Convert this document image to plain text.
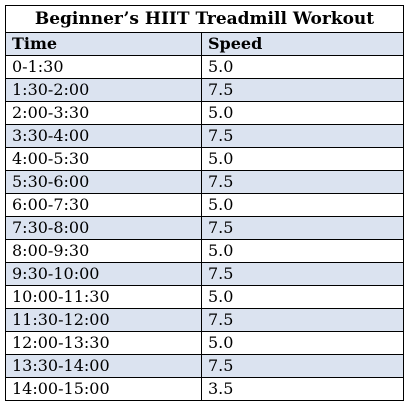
Beginner’s HIIT Treadmill Workout	
Time	Speed
0-1:30	5.0
1:30-2:00	7.5
2:00-3:30	5.0
3:30-4:00	7.5
4:00-5:30	5.0
5:30-6:00	7.5
6:00-7:30	5.0
7:30-8:00	7.5
8:00-9:30	5.0
9:30-10:00	7.5
10:00-11:30	5.0
11:30-12:00	7.5
12:00-13:30	5.0
13:30-14:00	7.5
14:00-15:00	3.5
